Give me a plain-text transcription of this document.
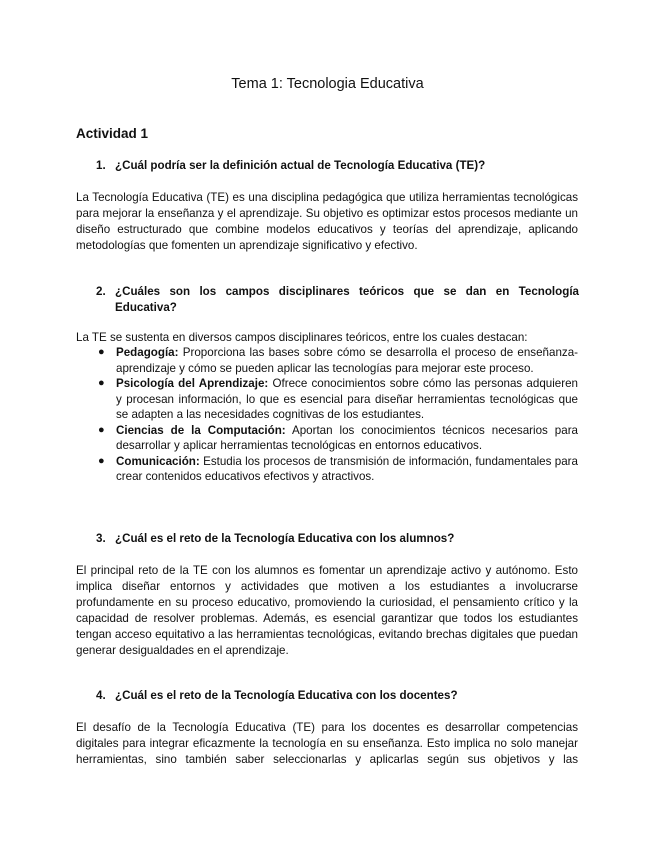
Tema 1: Tecnologia Educativa
Actividad 1
1. ¿Cuál podría ser la definición actual de Tecnología Educativa (TE)?

La Tecnología Educativa (TE) es una disciplina pedagógica que utiliza herramientas tecnológicas para mejorar la enseñanza y el aprendizaje. Su objetivo es optimizar estos procesos mediante un diseño estructurado que combine modelos educativos y teorías del aprendizaje, aplicando metodologías que fomenten un aprendizaje significativo y efectivo.

2. ¿Cuáles son los campos disciplinares teóricos que se dan en Tecnología Educativa?

La TE se sustenta en diversos campos disciplinares teóricos, entre los cuales destacan:

● Pedagogía: Proporciona las bases sobre cómo se desarrolla el proceso de enseñanza-aprendizaje y cómo se pueden aplicar las tecnologías para mejorar este proceso.
● Psicología del Aprendizaje: Ofrece conocimientos sobre cómo las personas adquieren y procesan información, lo que es esencial para diseñar herramientas tecnológicas que se adapten a las necesidades cognitivas de los estudiantes.
● Ciencias de la Computación: Aportan los conocimientos técnicos necesarios para desarrollar y aplicar herramientas tecnológicas en entornos educativos.
● Comunicación: Estudia los procesos de transmisión de información, fundamentales para crear contenidos educativos efectivos y atractivos.
3. ¿Cuál es el reto de la Tecnología Educativa con los alumnos?

El principal reto de la TE con los alumnos es fomentar un aprendizaje activo y autónomo. Esto implica diseñar entornos y actividades que motiven a los estudiantes a involucrarse profundamente en su proceso educativo, promoviendo la curiosidad, el pensamiento crítico y la capacidad de resolver problemas. Además, es esencial garantizar que todos los estudiantes tengan acceso equitativo a las herramientas tecnológicas, evitando brechas digitales que puedan generar desigualdades en el aprendizaje.

4. ¿Cuál es el reto de la Tecnología Educativa con los docentes?

El desafío de la Tecnología Educativa (TE) para los docentes es desarrollar competencias digitales para integrar eficazmente la tecnología en su enseñanza. Esto implica no solo manejar herramientas, sino también saber seleccionarlas y aplicarlas según sus objetivos y las
